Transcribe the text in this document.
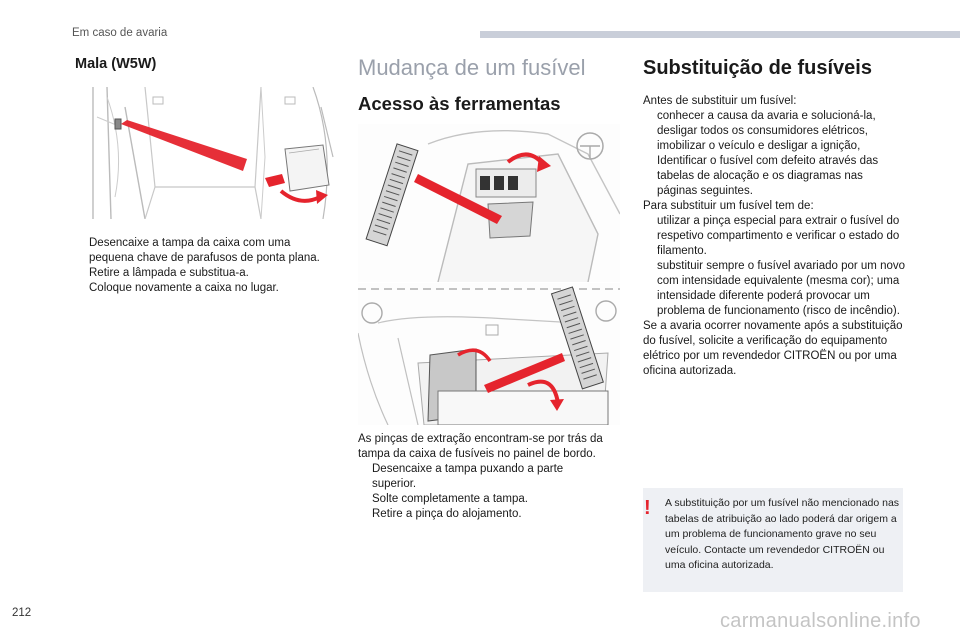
Em caso de avaria
Mala (W5W)
Desencaixe a tampa da caixa com uma pequena chave de parafusos de ponta plana.
Retire a lâmpada e substitua-a.
Coloque novamente a caixa no lugar.
Mudança de um fusível
Acesso às ferramentas
As pinças de extração encontram-se por trás da tampa da caixa de fusíveis no painel de bordo.
Desencaixe a tampa puxando a parte superior.
Solte completamente a tampa.
Retire a pinça do alojamento.
Substituição de fusíveis
Antes de substituir um fusível:
conhecer a causa da avaria e solucioná-la,
desligar todos os consumidores elétricos,
imobilizar o veículo e desligar a ignição,
Identificar o fusível com defeito através das tabelas de alocação e os diagramas nas páginas seguintes.
Para substituir um fusível tem de:
utilizar a pinça especial para extrair o fusível do respetivo compartimento e verificar o estado do filamento.
substituir sempre o fusível avariado por um novo com intensidade equivalente (mesma cor); uma intensidade diferente poderá provocar um problema de funcionamento (risco de incêndio).
Se a avaria ocorrer novamente após a substituição do fusível, solicite a verificação do equipamento elétrico por um revendedor CITROËN ou por uma oficina autorizada.
!	A substituição por um fusível não mencionado nas tabelas de atribuição ao lado poderá dar origem a um problema de funcionamento grave no seu veículo. Contacte um revendedor CITROËN ou uma oficina autorizada.
212	carmanualsonline.info
